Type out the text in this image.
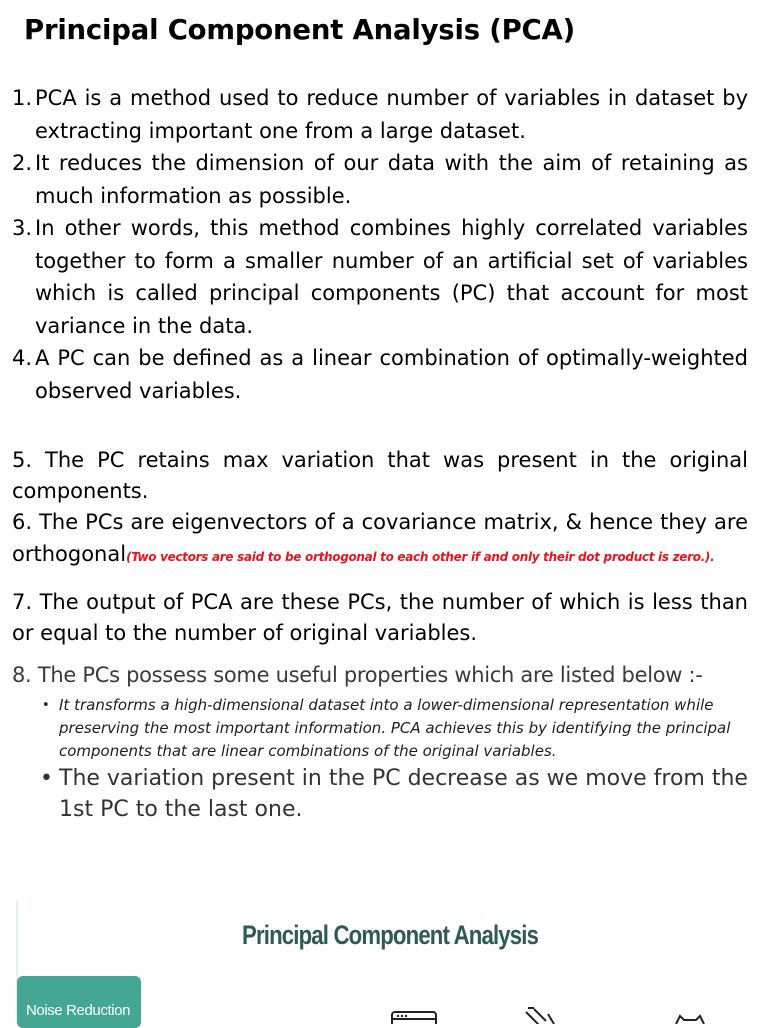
Principal Component Analysis (PCA)
1. PCA is a method used to reduce number of variables in dataset by extracting important one from a large dataset.
2. It reduces the dimension of our data with the aim of retaining as much information as possible.
3. In other words, this method combines highly correlated variables together to form a smaller number of an artificial set of variables which is called principal components (PC) that account for most variance in the data.
4. A PC can be defined as a linear combination of optimally-weighted observed variables.
5. The PC retains max variation that was present in the original components.
6. The PCs are eigenvectors of a covariance matrix, & hence they are orthogonal(Two vectors are said to be orthogonal to each other if and only their dot product is zero.).
7. The output of PCA are these PCs, the number of which is less than or equal to the number of original variables.
8. The PCs possess some useful properties which are listed below :-
• It transforms a high-dimensional dataset into a lower-dimensional representation while preserving the most important information. PCA achieves this by identifying the principal components that are linear combinations of the original variables.
• The variation present in the PC decrease as we move from the 1st PC to the last one.
Principal Component Analysis
Noise Reduction
